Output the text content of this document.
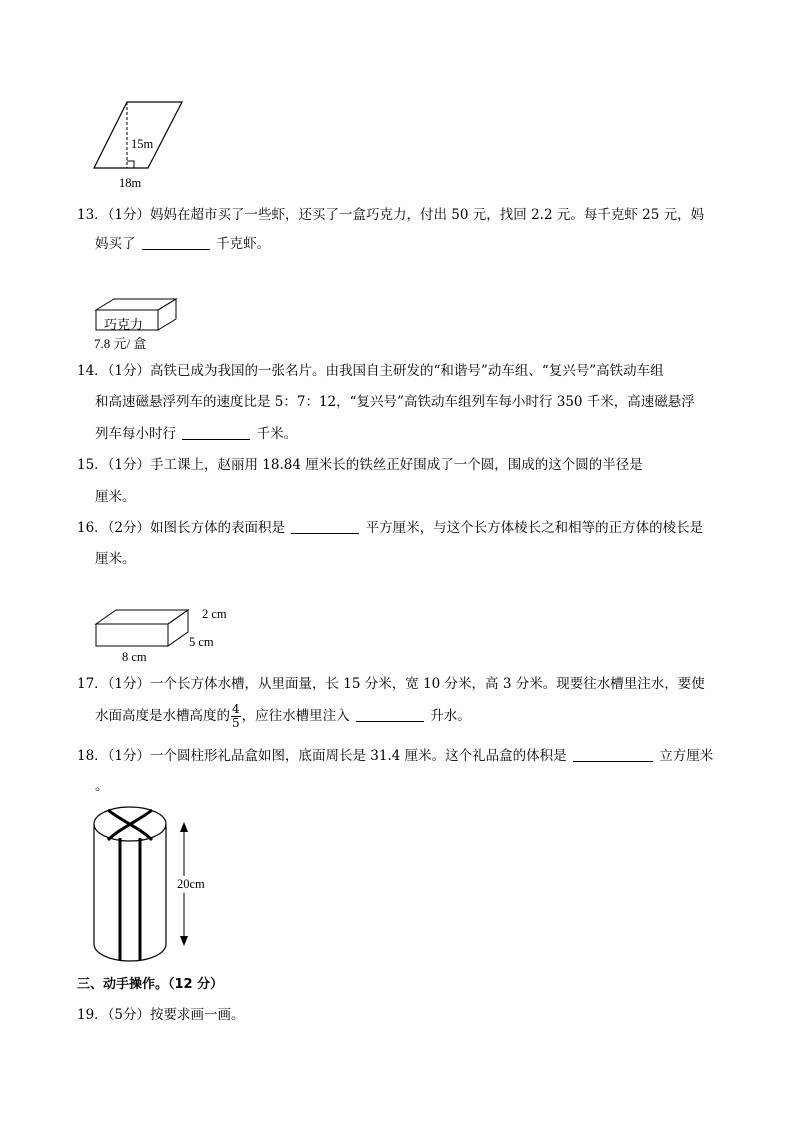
15m
18m
13．（1分）妈妈在超市买了一些虾，还买了一盒巧克力，付出 50 元，找回 2.2 元。每千克虾 25 元，妈
妈买了	千克虾。
巧克力
7.8 元/ 盒
14．（1分）高铁已成为我国的一张名片。由我国自主研发的“和谐号”动车组、“复兴号”高铁动车组
和高速磁悬浮列车的速度比是 5：7：12，“复兴号”高铁动车组列车每小时行 350 千米，高速磁悬浮
列车每小时行	千米。
15．（1分）手工课上，赵丽用 18.84 厘米长的铁丝正好围成了一个圆，围成的这个圆的半径是
厘米。
16．（2分）如图长方体的表面积是	平方厘米，与这个长方体棱长之和相等的正方体的棱长是
厘米。
2 cm
5 cm
8 cm
17．（1分）一个长方体水槽，从里面量，长 15 分米，宽 10 分米，高 3 分米。现要往水槽里注水，要使
水面高度是水槽高度的 $\frac{4}{5}$ ，应往水槽里注入	升水。
18．（1分）一个圆柱形礼品盒如图，底面周长是 31.4 厘米。这个礼品盒的体积是	立方厘米
。
20cm
三、动手操作。（12 分）
19．（5分）按要求画一画。
